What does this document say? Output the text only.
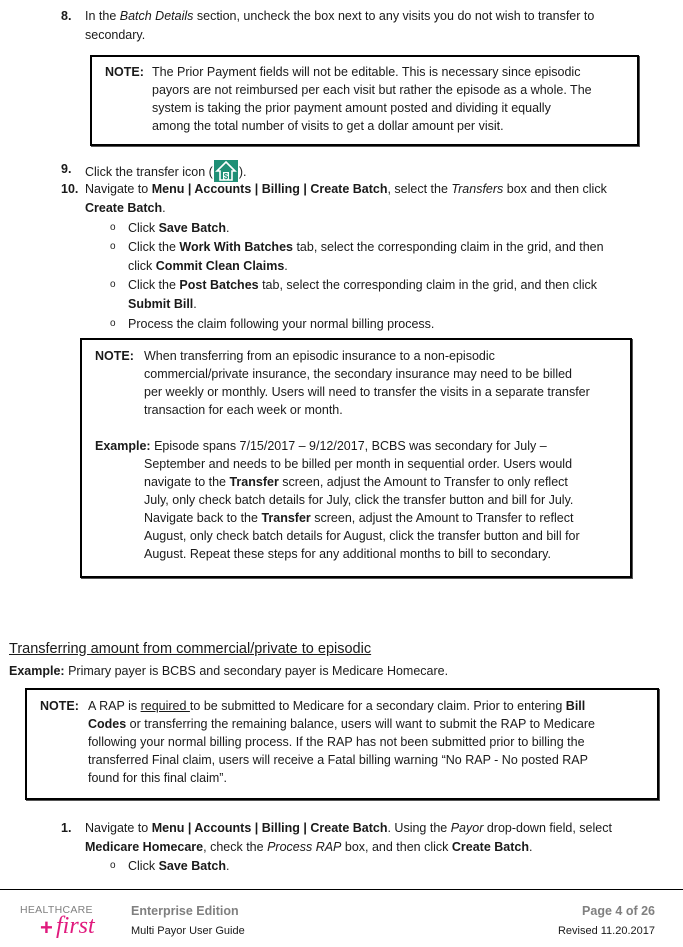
8. In the Batch Details section, uncheck the box next to any visits you do not wish to transfer to
secondary.
NOTE: The Prior Payment fields will not be editable. This is necessary since episodic
payors are not reimbursed per each visit but rather the episode as a whole. The
system is taking the prior payment amount posted and dividing it equally
among the total number of visits to get a dollar amount per visit.
9. Click the transfer icon ( $ ).
10. Navigate to Menu | Accounts | Billing | Create Batch, select the Transfers box and then click
Create Batch.
o Click Save Batch.
o Click the Work With Batches tab, select the corresponding claim in the grid, and then
click Commit Clean Claims.
o Click the Post Batches tab, select the corresponding claim in the grid, and then click
Submit Bill.
o Process the claim following your normal billing process.
NOTE: When transferring from an episodic insurance to a non-episodic
commercial/private insurance, the secondary insurance may need to be billed
per weekly or monthly. Users will need to transfer the visits in a separate transfer
transaction for each week or month.
Example: Episode spans 7/15/2017 – 9/12/2017, BCBS was secondary for July –
September and needs to be billed per month in sequential order. Users would
navigate to the Transfer screen, adjust the Amount to Transfer to only reflect
July, only check batch details for July, click the transfer button and bill for July.
Navigate back to the Transfer screen, adjust the Amount to Transfer to reflect
August, only check batch details for August, click the transfer button and bill for
August. Repeat these steps for any additional months to bill to secondary.
Transferring amount from commercial/private to episodic
Example: Primary payer is BCBS and secondary payer is Medicare Homecare.
NOTE: A RAP is required to be submitted to Medicare for a secondary claim. Prior to entering Bill
Codes or transferring the remaining balance, users will want to submit the RAP to Medicare
following your normal billing process. If the RAP has not been submitted prior to billing the
transferred Final claim, users will receive a Fatal billing warning “No RAP - No posted RAP
found for this final claim”.
1. Navigate to Menu | Accounts | Billing | Create Batch. Using the Payor drop-down field, select
Medicare Homecare, check the Process RAP box, and then click Create Batch.
o Click Save Batch.
HEALTHCARE
+ first
Enterprise Edition
Multi Payor User Guide
Page 4 of 26
Revised 11.20.2017
